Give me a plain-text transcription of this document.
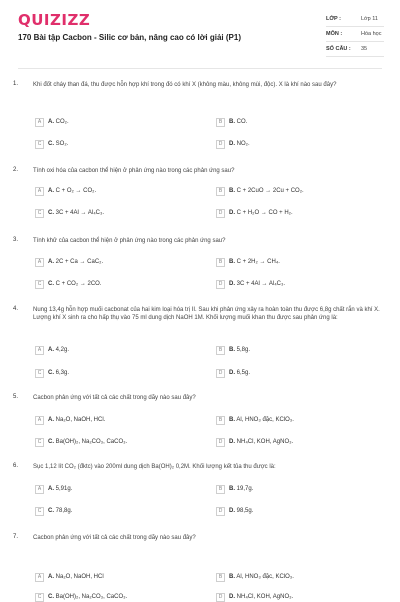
QUIZIZZ
170 Bài tập Cacbon - Silic cơ bản, nâng cao có lời giải (P1)
LỚP :	Lớp 11
MÔN :	Hóa học
SỐ CÂU : 35
1. Khi đốt cháy than đá, thu được hỗn hợp khí trong đó có khí X (không màu, không mùi, độc). X là khí nào sau đây?
A	A. CO₂.	B	B. CO.
C	C. SO₂.	D	D. NO₂.
2. Tính oxi hóa của cacbon thể hiện ở phản ứng nào trong các phản ứng sau?
A	A. C + O₂ → CO₂.	B	B. C + 2CuO → 2Cu + CO₂.
C	C. 3C + 4Al → Al₄C₃.	D	D. C + H₂O → CO + H₂.
3. Tính khử của cacbon thể hiện ở phản ứng nào trong các phản ứng sau?
A	A. 2C + Ca → CaC₂.	B	B. C + 2H₂ → CH₄.
C	C. C + CO₂ → 2CO.	D	D. 3C + 4Al → Al₄C₃.
4. Nung 13,4g hỗn hợp muối cacbonat của hai kim loại hóa trị II. Sau khi phản ứng xảy ra hoàn toàn thu được 6,8g chất rắn và khí X. Lượng khí X sinh ra cho hấp thụ vào 75 ml dung dịch NaOH 1M. Khối lượng muối khan thu được sau phản ứng là:
A	A. 4,2g.	B	B. 5,8g.
C	C. 6,3g.	D	D. 6,5g.
5. Cacbon phản ứng với tất cả các chất trong dãy nào sau đây?
A	A. Na₂O, NaOH, HCl.	B	B. Al, HNO₃ đặc, KClO₃.
C	C. Ba(OH)₂, Na₂CO₃, CaCO₃.	D	D. NH₄Cl, KOH, AgNO₃.
6. Sục 1,12 lít CO₂ (đktc) vào 200ml dung dịch Ba(OH)₂ 0,2M. Khối lượng kết tủa thu được là:
A	A. 5,91g.	B	B. 19,7g.
C	C. 78,8g.	D	D. 98,5g.
7. Cacbon phản ứng với tất cả các chất trong dãy nào sau đây?
A	A. Na₂O, NaOH, HCl	B	B. Al, HNO₃ đặc, KClO₃.
C	C. Ba(OH)₂, Na₂CO₃, CaCO₃.	D	D. NH₄Cl, KOH, AgNO₃.
